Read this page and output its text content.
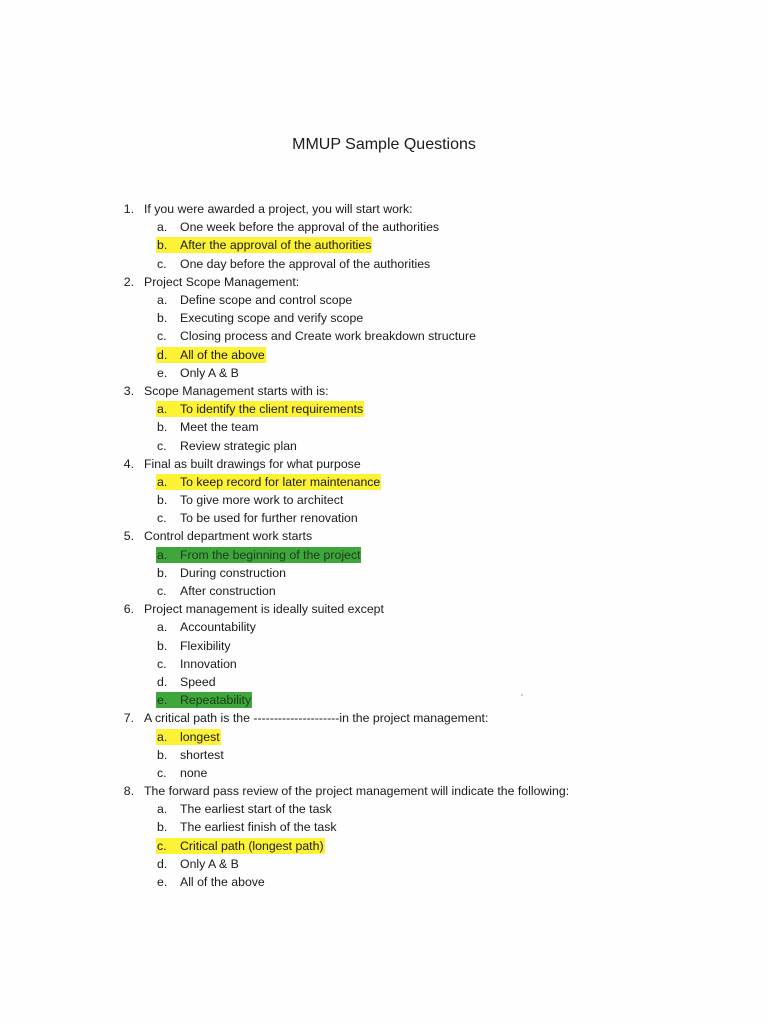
MMUP Sample Questions
1. If you were awarded a project, you will start work:
a.	One week before the approval of the authorities
b.	After the approval of the authorities
c.	One day before the approval of the authorities
2. Project Scope Management:
a.	Define scope and control scope
b.	Executing scope and verify scope
c.	Closing process and Create work breakdown structure
d.	All of the above
e.	Only A & B
3. Scope Management starts with is:
a.	To identify the client requirements
b.	Meet the team
c.	Review strategic plan
4. Final as built drawings for what purpose
a.	To keep record for later maintenance
b.	To give more work to architect
c.	To be used for further renovation
5. Control department work starts
a.	From the beginning of the project
b.	During construction
c.	After construction
6. Project management is ideally suited except
a.	Accountability
b.	Flexibility
c.	Innovation
d.	Speed
e.	Repeatability
7. A critical path is the ---------------------in the project management:
a.	longest
b.	shortest
c.	none
8. The forward pass review of the project management will indicate the following:
a.	The earliest start of the task
b.	The earliest finish of the task
c.	Critical path (longest path)
d.	Only A & B
e.	All of the above
